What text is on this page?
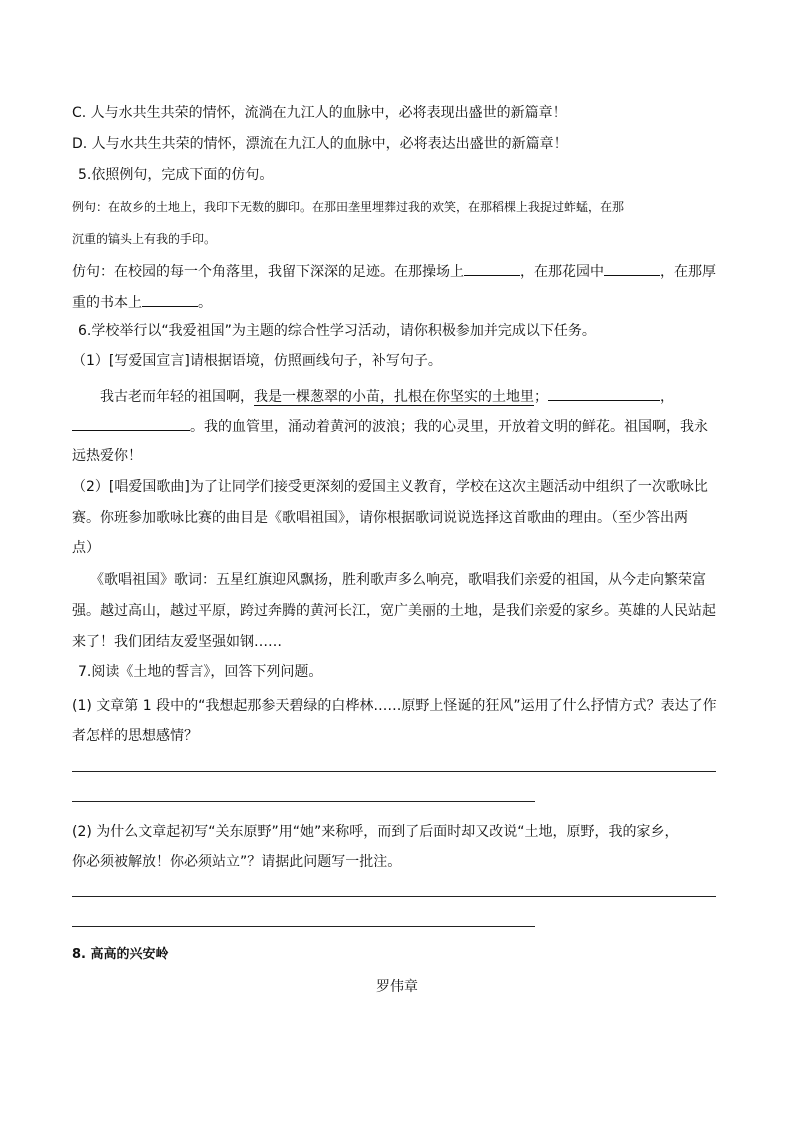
C. 人与水共生共荣的情怀，流淌在九江人的血脉中，必将表现出盛世的新篇章！
D. 人与水共生共荣的情怀，漂流在九江人的血脉中，必将表达出盛世的新篇章！
5.依照例句，完成下面的仿句。
例句：在故乡的土地上，我印下无数的脚印。在那田垄里埋葬过我的欢笑，在那稻棵上我捉过蚱蜢，在那
沉重的镐头上有我的手印。
仿句：在校园的每一个角落里，我留下深深的足迹。在那操场上	，在那花园中	，在那厚
重的书本上	。
6.学校举行以“我爱祖国”为主题的综合性学习活动，请你积极参加并完成以下任务。
（1）[写爱国宣言]请根据语境，仿照画线句子，补写句子。
我古老而年轻的祖国啊，我是一棵葱翠的小苗，扎根在你坚实的土地里；	，
。我的血管里，涌动着黄河的波浪；我的心灵里，开放着文明的鲜花。祖国啊，我永
远热爱你！
（2）[唱爱国歌曲]为了让同学们接受更深刻的爱国主义教育，学校在这次主题活动中组织了一次歌咏比
赛。你班参加歌咏比赛的曲目是《歌唱祖国》，请你根据歌词说说选择这首歌曲的理由。（至少答出两
点）
《歌唱祖国》歌词：五星红旗迎风飘扬，胜利歌声多么响亮，歌唱我们亲爱的祖国，从今走向繁荣富
强。越过高山，越过平原，跨过奔腾的黄河长江，宽广美丽的土地，是我们亲爱的家乡。英雄的人民站起
来了！我们团结友爱坚强如钢……
7.阅读《土地的誓言》，回答下列问题。
(1) 文章第 1 段中的“我想起那参天碧绿的白桦林……原野上怪诞的狂风”运用了什么抒情方式？表达了作
者怎样的思想感情？
(2) 为什么文章起初写“关东原野”用“她”来称呼，而到了后面时却又改说“土地，原野，我的家乡，
你必须被解放！你必须站立”？请据此问题写一批注。
8. 高高的兴安岭
罗伟章
